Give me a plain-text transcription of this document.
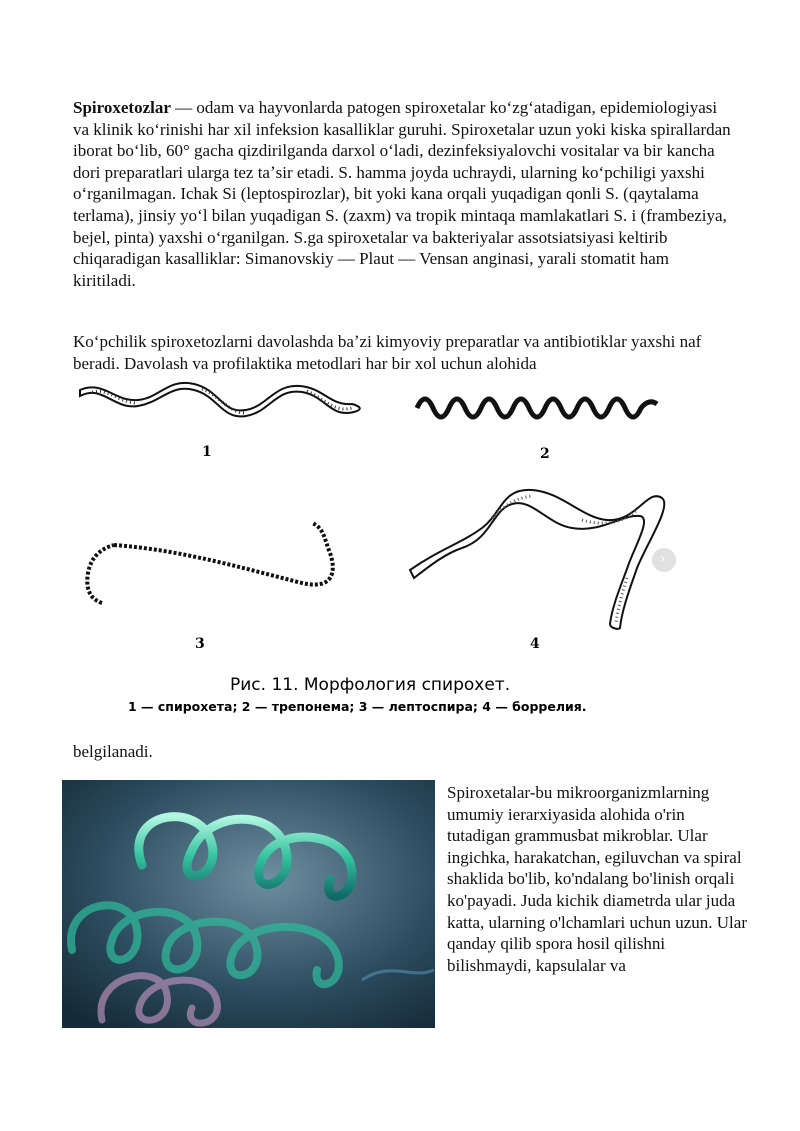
Spiroxetozlar — odam va hayvonlarda patogen spiroxetalar koʻzgʻatadigan, epidemiologiyasi va klinik koʻrinishi har xil infeksion kasalliklar guruhi. Spiroxetalar uzun yoki kiska spirallardan iborat boʻlib, 60° gacha qizdirilganda darxol oʻladi, dezinfeksiyalovchi vositalar va bir kancha dori preparatlari ularga tez taʼsir etadi. S. hamma joyda uchraydi, ularning koʻpchiligi yaxshi oʻrganilmagan. Ichak Si (leptospirozlar), bit yoki kana orqali yuqadigan qonli S. (qaytalama terlama), jinsiy yoʻl bilan yuqadigan S. (zaxm) va tropik mintaqa mamlakatlari S. i (frambeziya, bejel, pinta) yaxshi oʻrganilgan. S.ga spiroxetalar va bakteriyalar assotsiatsiyasi keltirib chiqaradigan kasalliklar: Simanovskiy — Plaut — Vensan anginasi, yarali stomatit ham kiritiladi.

Koʻpchilik spiroxetozlarni davolashda baʼzi kimyoviy preparatlar va antibiotiklar yaxshi naf beradi. Davolash va profilaktika metodlari har bir xol uchun alohida

1	2
3	4
Рис. 11. Морфология спирохет.
1 — спирохета; 2 — трепонема; 3 — лептоспира; 4 — боррелия.
›

belgilanadi.

Spiroxetalar-bu mikroorganizmlarning umumiy ierarxiyasida alohida o'rin tutadigan grammusbat mikroblar. Ular ingichka, harakatchan, egiluvchan va spiral shaklida bo'lib, ko'ndalang bo'linish orqali ko'payadi. Juda kichik diametrda ular juda katta, ularning o'lchamlari uchun uzun. Ular qanday qilib spora hosil qilishni bilishmaydi, kapsulalar va
